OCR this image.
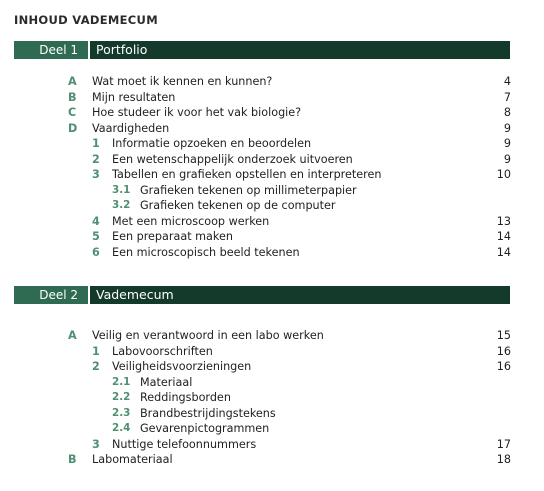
INHOUD VADEMECUM
Deel 1	Portfolio
A Wat moet ik kennen en kunnen?	4
B Mijn resultaten	7
C Hoe studeer ik voor het vak biologie?	8
D Vaardigheden	9
1 Informatie opzoeken en beoordelen	9
2 Een wetenschappelijk onderzoek uitvoeren	9
3 Tabellen en grafieken opstellen en interpreteren	10
3.1 Grafieken tekenen op millimeterpapier
3.2 Grafieken tekenen op de computer
4 Met een microscoop werken	13
5 Een preparaat maken	14
6 Een microscopisch beeld tekenen	14
Deel 2	Vademecum
A Veilig en verantwoord in een labo werken	15
1 Labovoorschriften	16
2 Veiligheidsvoorzieningen	16
2.1 Materiaal
2.2 Reddingsborden
2.3 Brandbestrijdingstekens
2.4 Gevarenpictogrammen
3 Nuttige telefoonnummers	17
B Labomateriaal	18
